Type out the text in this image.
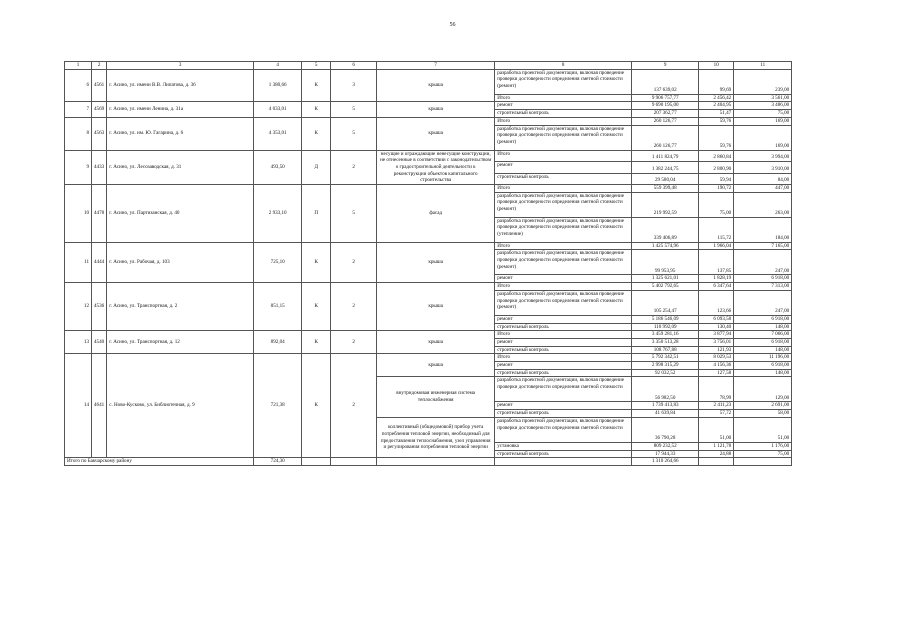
56
1	2	3	4	5	6	7	8	9	10	11
6	4561	г. Асино, ул. имени В.В. Липатова, д. 36	1 380,66	К	3	крыша	разработка проектной документации, включая проведение проверки достоверности определения сметной стоимости (ремонт)	137 639,02	99,69	239,00
							Итого	9 906 757,77	2 456,42	3 561,00
7	4569	г. Асино, ул. имени Ленина, д. 31а	4 033,01	К	5	крыша	ремонт	9 690 195,00	2 404,95	3 486,00
							строительный контроль	207 362,77	51,47	75,00
8	4563	г. Асино, ул. им. Ю. Гагарина, д. 6	4 353,01	К	5	крыша	Итого	260 126,77	59,76	169,00
							разработка проектной документации, включая проведение проверки достоверности определения сметной стоимости (ремонт)	260 126,77	59,76	169,00
9	4433	г. Асино, ул. Лесозаводская, д. 31	493,50	Д	2	несущие и ограждающие ненесущие конструкции, не отнесенные в соответствии с законодательством о градостроительной деятельности к реконструкции объектов капитального строительства	Итого	1 411 824,79	2 860,84	3 994,00
							ремонт	1 382 244,75	2 800,90	3 910,00
							строительный контроль	29 580,04	59,94	84,00
10	4478	г. Асино, ул. Партизанская, д. 40	2 933,10	П	5	фасад	Итого	559 399,48	190,72	447,00
							разработка проектной документации, включая проведение проверки достоверности определения сметной стоимости (ремонт)	219 992,59	75,00	263,00
							разработка проектной документации, включая проведение проверки достоверности определения сметной стоимости (утепление)	339 406,89	115,72	184,00
11	4444	г. Асино, ул. Рабочая, д. 103	725,10	К	2	крыша	Итого	1 425 574,96	1 966,04	7 165,00
							разработка проектной документации, включая проведение проверки достоверности определения сметной стоимости (ремонт)	99 953,95	137,85	247,00
							ремонт	1 325 621,01	1 828,19	6 918,00
12	4536	г. Асино, ул. Транспортная, д. 2	851,15	К	2	крыша	Итого	5 402 792,65	6 347,64	7 313,00
							разработка проектной документации, включая проведение проверки достоверности определения сметной стоимости (ремонт)	105 254,47	123,66	247,00
							ремонт	5 186 546,09	6 093,58	6 918,00
							строительный контроль	110 992,09	130,40	148,00
13	4540	г. Асино, ул. Транспортная, д. 12	892,04	К	2	крыша	Итого	3 459 281,16	3 877,94	7 066,00
							ремонт	3 350 513,28	3 756,01	6 918,00
							строительный контроль	108 767,88	121,93	148,00
14	4641	с. Ново-Кусково, ул. Библиотечная, д. 9	721,38	К	2	крыша	Итого	5 792 342,51	8 029,53	11 196,00
							ремонт	2 998 315,29	4 156,36	6 918,00
							строительный контроль	92 032,52	127,58	148,00
						внутридомовая инженерная система теплоснабжения	разработка проектной документации, включая проведение проверки достоверности определения сметной стоимости	56 982,50	78,99	129,00
							ремонт	1 739 413,83	2 411,23	2 691,00
							строительный контроль	41 639,84	57,72	58,00
						коллективный (общедомовой) прибор учета потребления тепловой энергии, необходимый для предоставления теплоснабжения, узел управления и регулирования потребления тепловой энергии	разработка проектной документации, включая проведение проверки достоверности определения сметной стоимости	36 790,28	51,00	51,00
							установка	809 232,52	1 121,78	1 176,00
							строительный контроль	17 944,33	24,88	75,00
Итого по Бакчарскому району			724,30					1 310 264,66		
